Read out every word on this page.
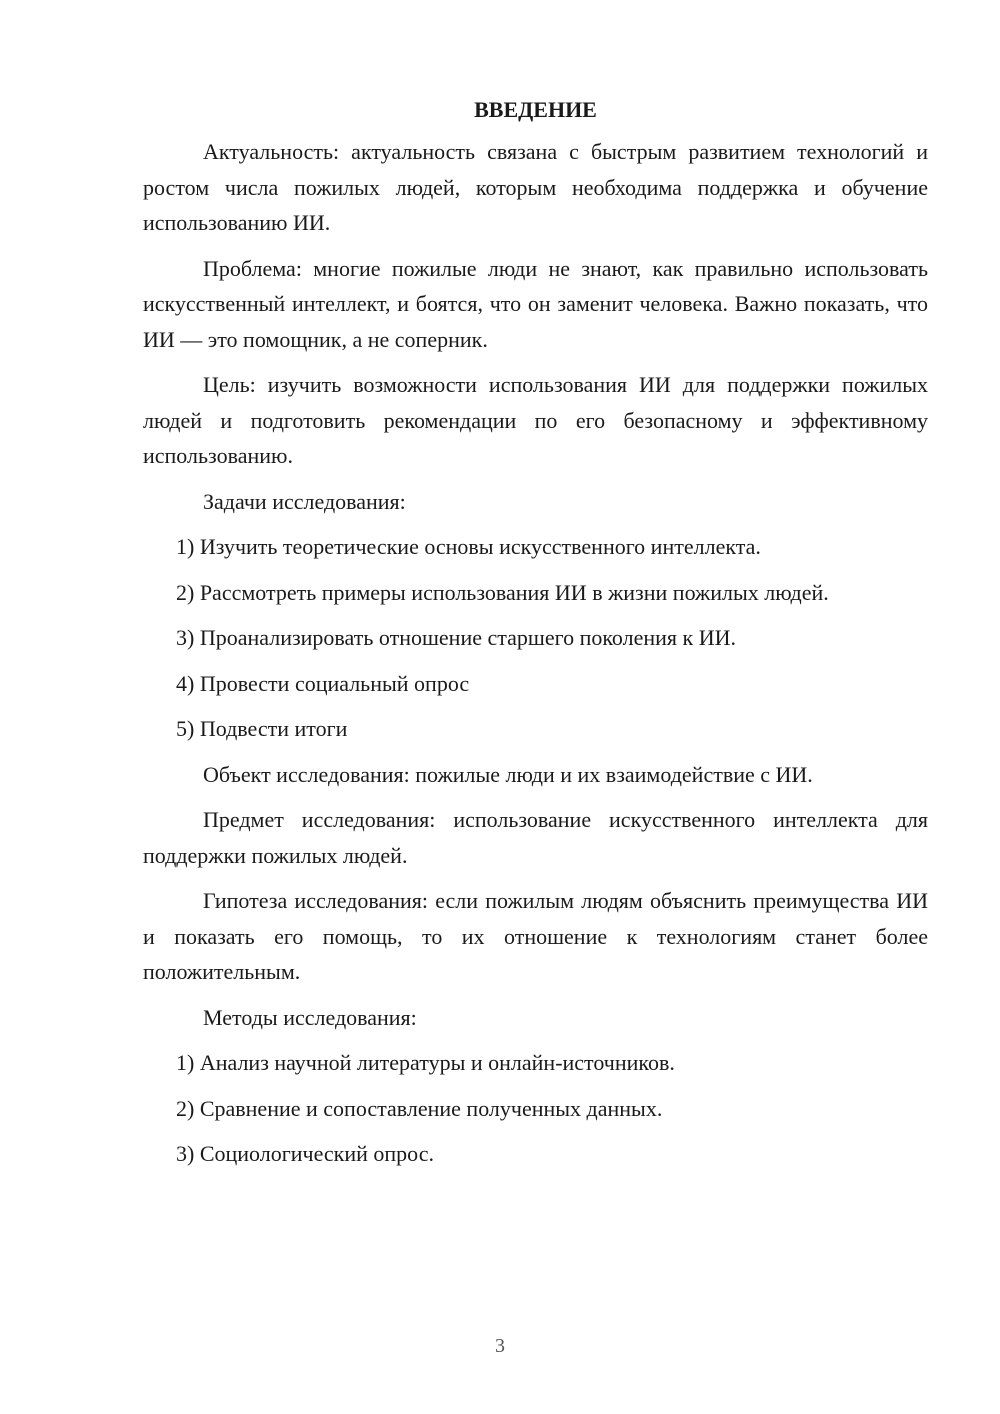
ВВЕДЕНИЕ

Актуальность: актуальность связана с быстрым развитием технологий и ростом числа пожилых людей, которым необходима поддержка и обучение использованию ИИ.

Проблема: многие пожилые люди не знают, как правильно использовать искусственный интеллект, и боятся, что он заменит человека. Важно показать, что ИИ — это помощник, а не соперник.

Цель: изучить возможности использования ИИ для поддержки пожилых людей и подготовить рекомендации по его безопасному и эффективному использованию.

Задачи исследования:

1) Изучить теоретические основы искусственного интеллекта.
2) Рассмотреть примеры использования ИИ в жизни пожилых людей.
3) Проанализировать отношение старшего поколения к ИИ.
4) Провести социальный опрос
5) Подвести итоги

Объект исследования: пожилые люди и их взаимодействие с ИИ.

Предмет исследования: использование искусственного интеллекта для поддержки пожилых людей.

Гипотеза исследования: если пожилым людям объяснить преимущества ИИ и показать его помощь, то их отношение к технологиям станет более положительным.

Методы исследования:

1) Анализ научной литературы и онлайн-источников.
2) Сравнение и сопоставление полученных данных.
3) Социологический опрос.
3
